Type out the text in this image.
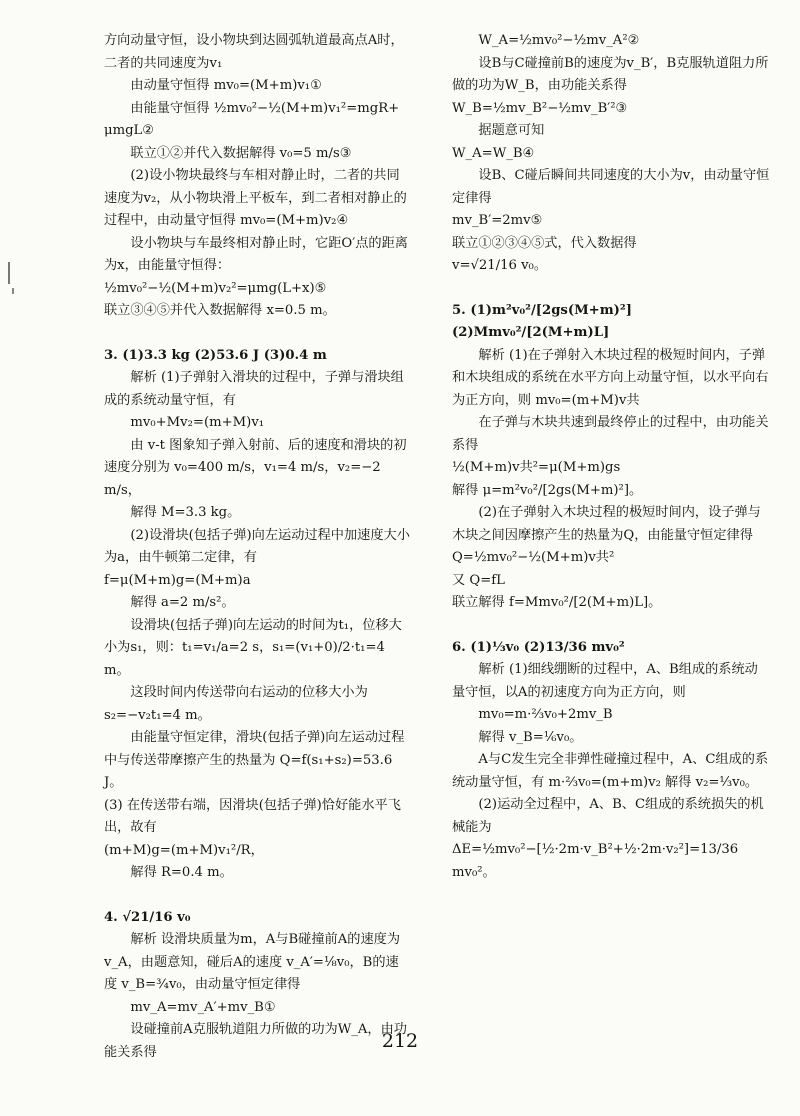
方向动量守恒，设小物块到达圆弧轨道最高点A时，二者的共同速度为v₁

由动量守恒得 mv₀=(M+m)v₁①

由能量守恒得 ½mv₀²−½(M+m)v₁²=mgR+

μmgL②

联立①②并代入数据解得 v₀=5 m/s③

(2)设小物块最终与车相对静止时，二者的共同速度为v₂，从小物块滑上平板车，到二者相对静止的过程中，由动量守恒得 mv₀=(M+m)v₂④

设小物块与车最终相对静止时，它距O′点的距离为x，由能量守恒得：

½mv₀²−½(M+m)v₂²=μmg(L+x)⑤

联立③④⑤并代入数据解得 x=0.5 m。

3. (1)3.3 kg (2)53.6 J (3)0.4 m

解析 (1)子弹射入滑块的过程中，子弹与滑块组成的系统动量守恒，有

mv₀+Mv₂=(m+M)v₁

由 v-t 图象知子弹入射前、后的速度和滑块的初速度分别为 v₀=400 m/s，v₁=4 m/s，v₂=−2 m/s，

解得 M=3.3 kg。

(2)设滑块(包括子弹)向左运动过程中加速度大小为a，由牛顿第二定律，有

f=μ(M+m)g=(M+m)a

解得 a=2 m/s²。

设滑块(包括子弹)向左运动的时间为t₁，位移大小为s₁，则：t₁=v₁/a=2 s，s₁=(v₁+0)/2·t₁=4 m。

这段时间内传送带向右运动的位移大小为 s₂=−v₂t₁=4 m。

由能量守恒定律，滑块(包括子弹)向左运动过程中与传送带摩擦产生的热量为 Q=f(s₁+s₂)=53.6 J。

(3) 在传送带右端，因滑块(包括子弹)恰好能水平飞出，故有

(m+M)g=(m+M)v₁²/R，

解得 R=0.4 m。

4. √21/16 v₀

解析 设滑块质量为m，A与B碰撞前A的速度为v_A，由题意知，碰后A的速度 v_A′=⅛v₀，B的速度 v_B=¾v₀，由动量守恒定律得

mv_A=mv_A′+mv_B①

设碰撞前A克服轨道阻力所做的功为W_A，由功能关系得

W_A=½mv₀²−½mv_A²②

设B与C碰撞前B的速度为v_B′，B克服轨道阻力所做的功为W_B，由功能关系得

W_B=½mv_B²−½mv_B′²③

据题意可知

W_A=W_B④

设B、C碰后瞬间共同速度的大小为v，由动量守恒定律得

mv_B′=2mv⑤

联立①②③④⑤式，代入数据得

v=√21/16 v₀。

5. (1)m²v₀²/[2gs(M+m)²] (2)Mmv₀²/[2(M+m)L]

解析 (1)在子弹射入木块过程的极短时间内，子弹和木块组成的系统在水平方向上动量守恒，以水平向右为正方向，则 mv₀=(m+M)v共

在子弹与木块共速到最终停止的过程中，由功能关系得

½(M+m)v共²=μ(M+m)gs

解得 μ=m²v₀²/[2gs(M+m)²]。

(2)在子弹射入木块过程的极短时间内，设子弹与木块之间因摩擦产生的热量为Q，由能量守恒定律得

Q=½mv₀²−½(M+m)v共²

又 Q=fL

联立解得 f=Mmv₀²/[2(M+m)L]。

6. (1)⅓v₀ (2)13/36 mv₀²

解析 (1)细线绷断的过程中，A、B组成的系统动量守恒，以A的初速度方向为正方向，则

mv₀=m·⅔v₀+2mv_B

解得 v_B=⅙v₀。

A与C发生完全非弹性碰撞过程中，A、C组成的系统动量守恒，有 m·⅔v₀=(m+m)v₂ 解得 v₂=⅓v₀。

(2)运动全过程中，A、B、C组成的系统损失的机械能为

ΔE=½mv₀²−[½·2m·v_B²+½·2m·v₂²]=13/36 mv₀²。

212
